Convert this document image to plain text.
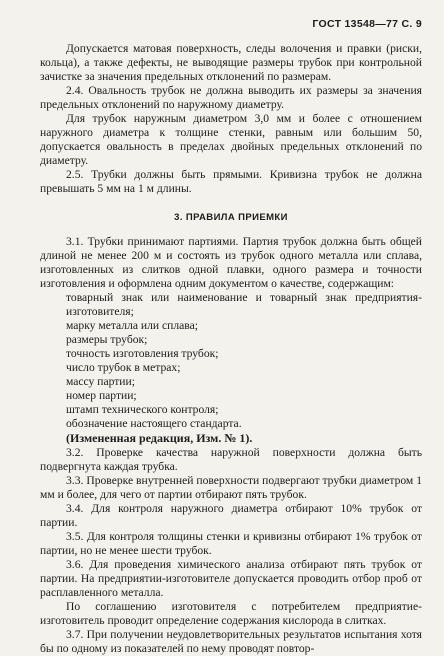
ГОСТ 13548—77 С. 9

Допускается матовая поверхность, следы волочения и правки (риски, кольца), а также дефекты, не выводящие размеры трубок при контрольной зачистке за значения предельных отклонений по размерам.

2.4. Овальность трубок не должна выводить их размеры за значения предельных отклонений по наружному диаметру.

Для трубок наружным диаметром 3,0 мм и более с отношением наружного диаметра к толщине стенки, равным или большим 50, допускается овальность в пределах двойных предельных отклонений по диаметру.

2.5. Трубки должны быть прямыми. Кривизна трубок не должна превышать 5 мм на 1 м длины.

3. ПРАВИЛА ПРИЕМКИ

3.1. Трубки принимают партиями. Партия трубок должна быть общей длиной не менее 200 м и состоять из трубок одного металла или сплава, изготовленных из слитков одной плавки, одного размера и точности изготовления и оформлена одним документом о качестве, содержащим:

товарный знак или наименование и товарный знак предприятия-изготовителя;
марку металла или сплава;
размеры трубок;
точность изготовления трубок;
число трубок в метрах;
массу партии;
номер партии;
штамп технического контроля;
обозначение настоящего стандарта.
(Измененная редакция, Изм. № 1).

3.2. Проверке качества наружной поверхности должна быть подвергнута каждая трубка.

3.3. Проверке внутренней поверхности подвергают трубки диаметром 1 мм и более, для чего от партии отбирают пять трубок.

3.4. Для контроля наружного диаметра отбирают 10% трубок от партии.

3.5. Для контроля толщины стенки и кривизны отбирают 1% трубок от партии, но не менее шести трубок.

3.6. Для проведения химического анализа отбирают пять трубок от партии. На предприятии-изготовителе допускается проводить отбор проб от расплавленного металла.

По соглашению изготовителя с потребителем предприятие-изготовитель проводит определение содержания кислорода в слитках.

3.7. При получении неудовлетворительных результатов испытания хотя бы по одному из показателей по нему проводят повтор-
